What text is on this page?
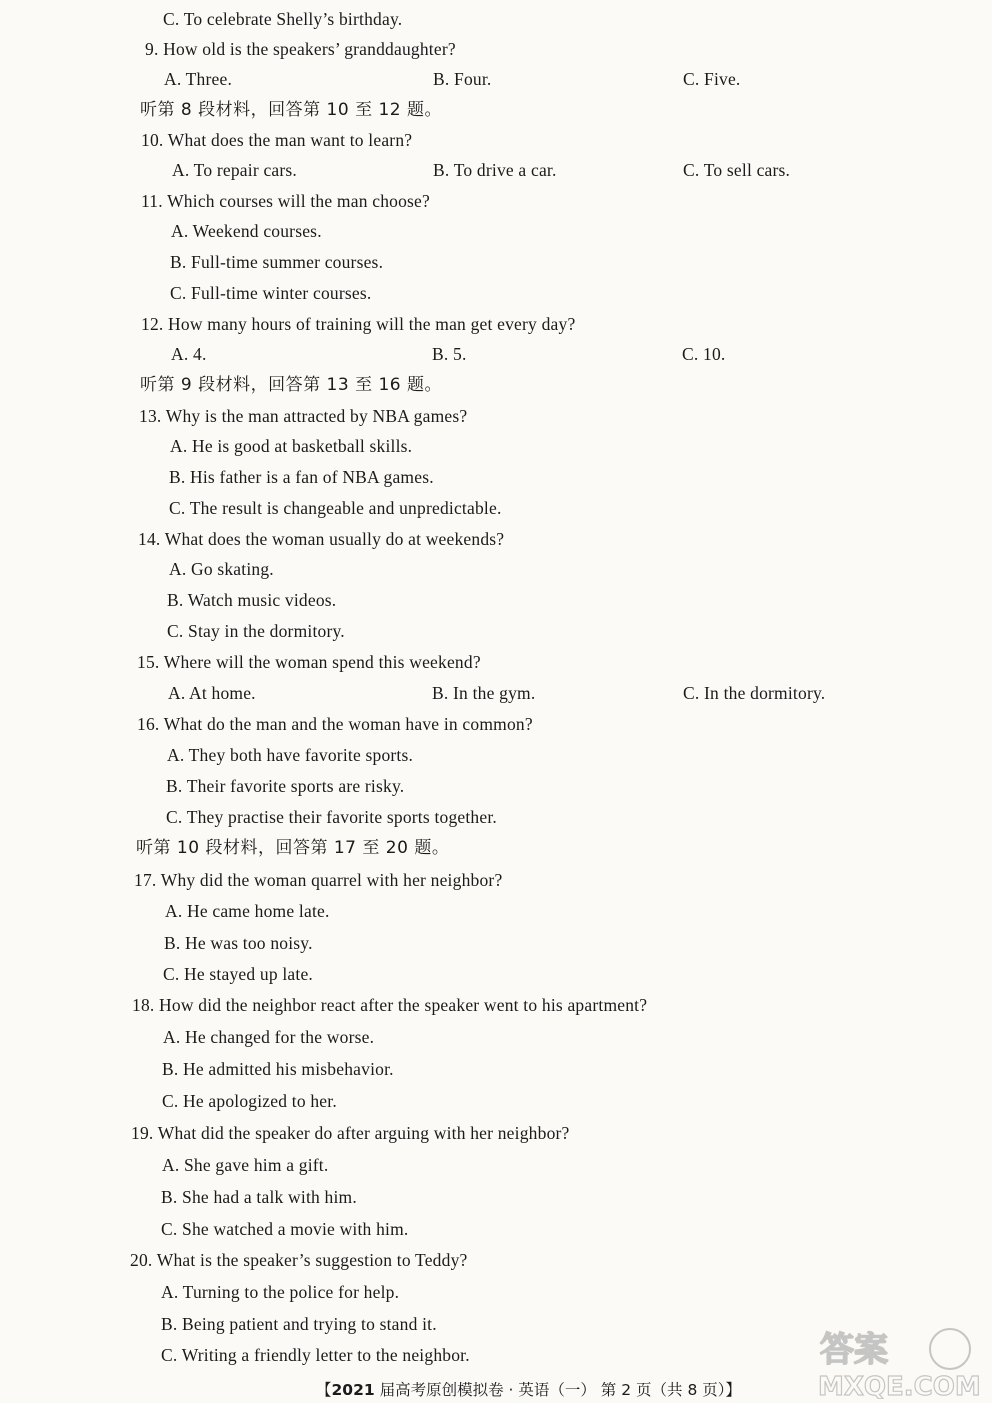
C. To celebrate Shelly’s birthday.
9. How old is the speakers’ granddaughter?
听第 8 段材料，回答第 10 至 12 题。
10. What does the man want to learn?
11. Which courses will the man choose?
A. Weekend courses.
B. Full-time summer courses.
C. Full-time winter courses.
12. How many hours of training will the man get every day?
听第 9 段材料，回答第 13 至 16 题。
13. Why is the man attracted by NBA games?
A. He is good at basketball skills.
B. His father is a fan of NBA games.
C. The result is changeable and unpredictable.
14. What does the woman usually do at weekends?
A. Go skating.
B. Watch music videos.
C. Stay in the dormitory.
15. Where will the woman spend this weekend?
16. What do the man and the woman have in common?
A. They both have favorite sports.
B. Their favorite sports are risky.
C. They practise their favorite sports together.
听第 10 段材料，回答第 17 至 20 题。
17. Why did the woman quarrel with her neighbor?
A. He came home late.
B. He was too noisy.
C. He stayed up late.
18. How did the neighbor react after the speaker went to his apartment?
A. He changed for the worse.
B. He admitted his misbehavior.
C. He apologized to her.
19. What did the speaker do after arguing with her neighbor?
A. She gave him a gift.
B. She had a talk with him.
C. She watched a movie with him.
20. What is the speaker’s suggestion to Teddy?
A. Turning to the police for help.
B. Being patient and trying to stand it.
C. Writing a friendly letter to the neighbor.
A. Three.	B. Four.	C. Five.
A. To repair cars.	B. To drive a car.	C. To sell cars.
A. 4.	B. 5.	C. 10.
A. At home.	B. In the gym.	C. In the dormitory.
【2021 届高考原创模拟卷 · 英语（一） 第 2 页（共 8 页）】
答案
MXQE.COM
